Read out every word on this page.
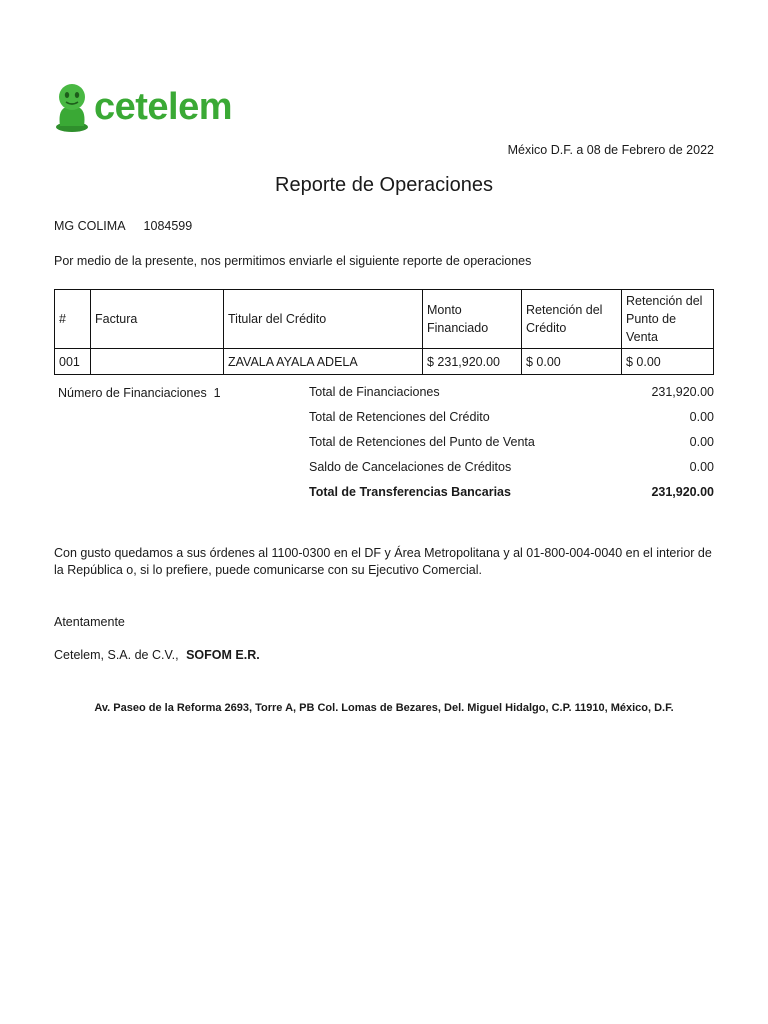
cetelem
México D.F. a 08 de Febrero de 2022
Reporte de Operaciones
MG COLIMA 1084599
Por medio de la presente, nos permitimos enviarle el siguiente reporte de operaciones
#	Factura	Titular del Crédito	Monto Financiado	Retención del Crédito	Retención del Punto de Venta
001		ZAVALA AYALA ADELA	$ 231,920.00	$ 0.00	$ 0.00
Número de Financiaciones 1	Total de Financiaciones	231,920.00
Total de Retenciones del Crédito	0.00
Total de Retenciones del Punto de Venta	0.00
Saldo de Cancelaciones de Créditos	0.00
Total de Transferencias Bancarias	231,920.00
Con gusto quedamos a sus órdenes al 1100-0300 en el DF y Área Metropolitana y al 01-800-004-0040 en el interior de la República o, si lo prefiere, puede comunicarse con su Ejecutivo Comercial.
Atentamente
Cetelem, S.A. de C.V., SOFOM E.R.
Av. Paseo de la Reforma 2693, Torre A, PB Col. Lomas de Bezares, Del. Miguel Hidalgo, C.P. 11910, México, D.F.
